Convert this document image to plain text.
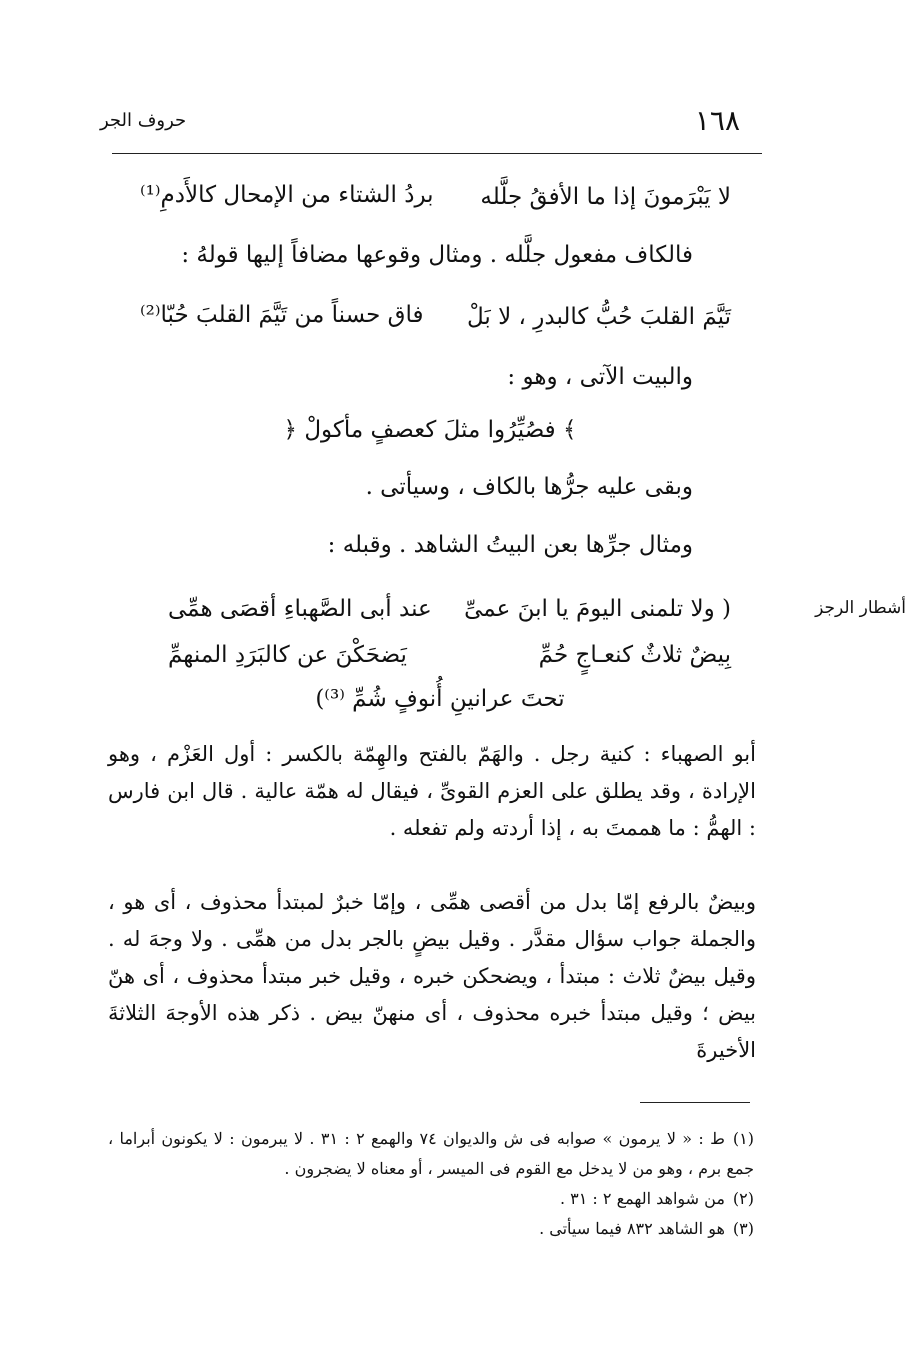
١٦٨
حروف الجر
لا يَبْرَمونَ إذا ما الأفقُ جلَّله
بردُ الشتاء من الإمحال كالأَدمِ⁽¹⁾
فالكاف مفعول جلَّله . ومثال وقوعها مضافاً إليها قولهُ :
تَيَّمَ القلبَ حُبُّ كالبدرِ ، لا بَلْ
فاق حسناً من تَيَّمَ القلبَ حُبّا⁽²⁾
والبيت الآتى ، وهو :
﴾ فصُيِّرُوا مثلَ كعصفٍ مأكولْ ﴿
وبقى عليه جرُّها بالكاف ، وسيأتى .
ومثال جرِّها بعن البيتُ الشاهد . وقبله :
أشطار الرجز
( ولا تلمنى اليومَ يا ابنَ عمىِّ
عند أبى الصَّهباءِ أقصَى همِّى
بِيضٌ ثلاثٌ كنعـاجٍ حُمِّ
يَضحَكْنَ عن كالبَرَدِ المنهمِّ
تحتَ عرانينِ أُنوفٍ شُمِّ ⁽³⁾)

أبو الصهباء : كنية رجل . والهَمّ بالفتح والهِمّة بالكسر : أول العَزْم ، وهو الإرادة ، وقد يطلق على العزم القوىِّ ، فيقال له همّة عالية . قال ابن فارس : الهمُّ : ما هممتَ به ، إذا أردته ولم تفعله .

وبيضٌ بالرفع إمّا بدل من أقصى همِّى ، وإمّا خبرٌ لمبتدأ محذوف ، أى هو ، والجملة جواب سؤال مقدَّر . وقيل بيضٍ بالجر بدل من همِّى . ولا وجهَ له . وقيل بيضٌ ثلاث : مبتدأ ، ويضحكن خبره ، وقيل خبر مبتدأ محذوف ، أى هنّ بيض ؛ وقيل مبتدأ خبره محذوف ، أى منهنّ بيض . ذكر هذه الأوجهَ الثلاثةَ الأخيرةَ

(١)ط : « لا يرمون » صوابه فى ش والديوان ٧٤ والهمع ٢ : ٣١ . لا يبرمون : لا يكونون أبراما ، جمع برم ، وهو من لا يدخل مع القوم فى الميسر ، أو معناه لا يضجرون .

(٢)من شواهد الهمع ٢ : ٣١ .

(٣)هو الشاهد ٨٣٢ فيما سيأتى .
